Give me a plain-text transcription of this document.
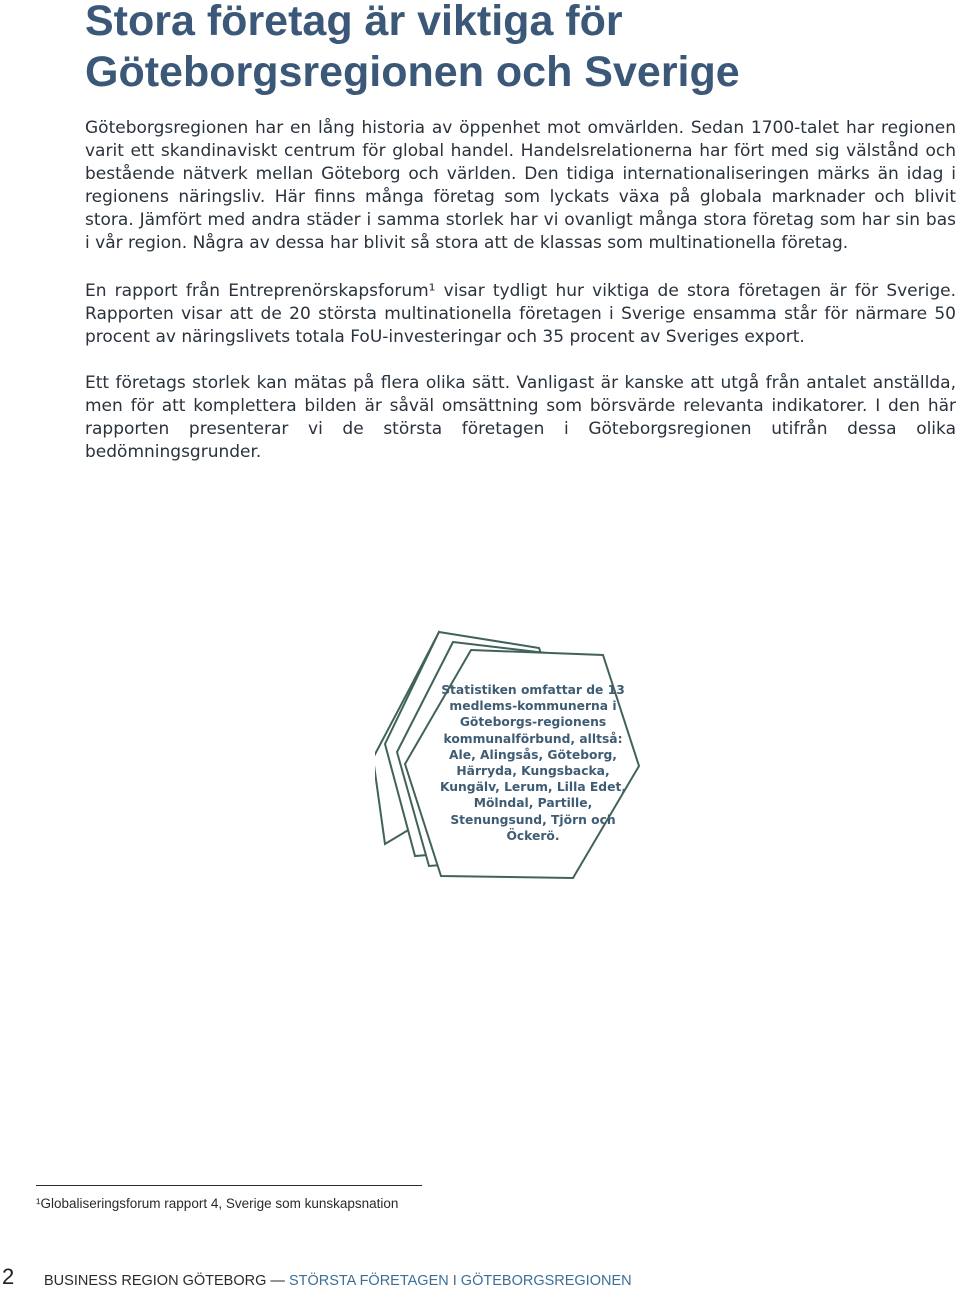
Stora företag är viktiga för Göteborgsregionen och Sverige

Göteborgsregionen har en lång historia av öppenhet mot omvärlden. Sedan 1700-talet har regionen varit ett skandinaviskt centrum för global handel. Handelsrelationerna har fört med sig välstånd och bestående nätverk mellan Göteborg och världen. Den tidiga internationaliseringen märks än idag i regionens näringsliv. Här finns många företag som lyckats växa på globala marknader och blivit stora. Jämfört med andra städer i samma storlek har vi ovanligt många stora företag som har sin bas i vår region. Några av dessa har blivit så stora att de klassas som multinationella företag.

En rapport från Entreprenörskapsforum¹ visar tydligt hur viktiga de stora företagen är för Sverige. Rapporten visar att de 20 största multinationella företagen i Sverige ensamma står för närmare 50 procent av näringslivets totala FoU-investeringar och 35 procent av Sveriges export.

Ett företags storlek kan mätas på flera olika sätt. Vanligast är kanske att utgå från antalet anställda, men för att komplettera bilden är såväl omsättning som börsvärde relevanta indikatorer. I den här rapporten presenterar vi de största företagen i Göteborgsregionen utifrån dessa olika bedömningsgrunder.

Statistiken omfattar de 13 medlems-kommunerna i Göteborgs-regionens kommunalförbund, alltså: Ale, Alingsås, Göteborg, Härryda, Kungsbacka, Kungälv, Lerum, Lilla Edet, Mölndal, Partille, Stenungsund, Tjörn och Öckerö.

¹Globaliseringsforum rapport 4, Sverige som kunskapsnation

2 BUSINESS REGION GÖTEBORG — STÖRSTA FÖRETAGEN I GÖTEBORGSREGIONEN
